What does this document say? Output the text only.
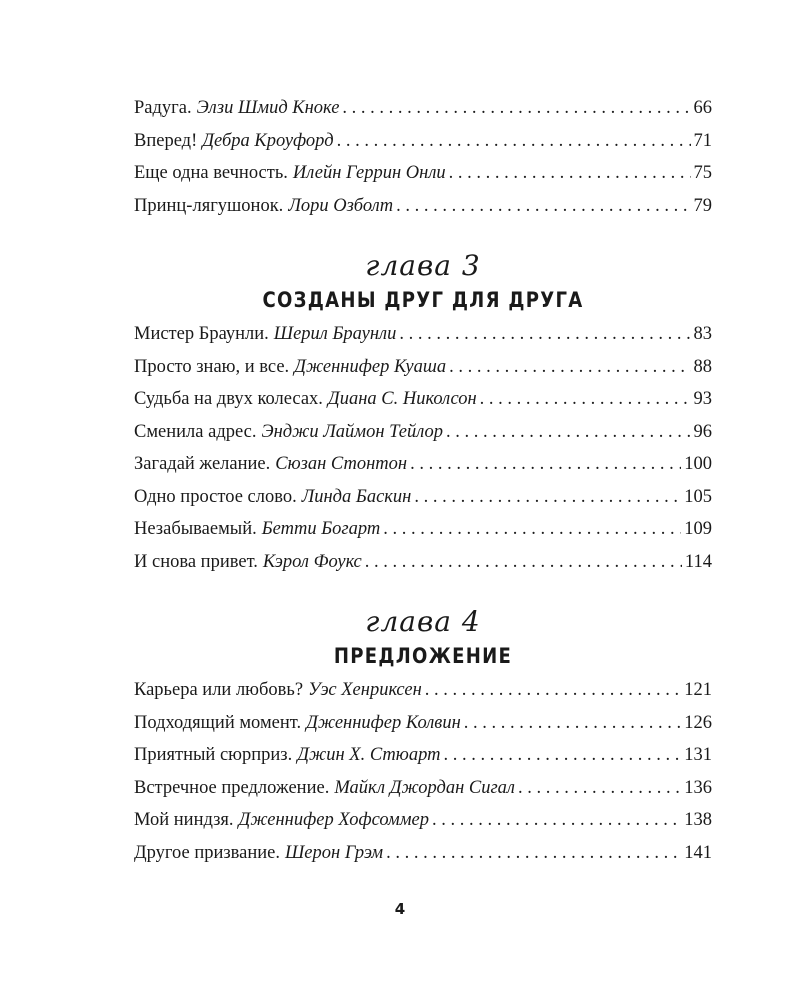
Радуга. Элзи Шмид Кноке . . .	66
Вперед! Дебра Кроуфорд . . .	71
Еще одна вечность. Илейн Геррин Онли . . .	75
Принц-лягушонок. Лори Озболт . . .	79
глава 3
СОЗДАНЫ ДРУГ ДЛЯ ДРУГА
Мистер Браунли. Шерил Браунли . . .	83
Просто знаю, и все. Дженнифер Куаша . . .	88
Судьба на двух колесах. Диана С. Николсон . . .	93
Сменила адрес. Энджи Лаймон Тейлор . . .	96
Загадай желание. Сюзан Стонтон . . .	100
Одно простое слово. Линда Баскин . . .	105
Незабываемый. Бетти Богарт . . .	109
И снова привет. Кэрол Фоукс . . .	114
глава 4
ПРЕДЛОЖЕНИЕ
Карьера или любовь? Уэс Хенриксен . . .	121
Подходящий момент. Дженнифер Колвин . . .	126
Приятный сюрприз. Джин Х. Стюарт . . .	131
Встречное предложение. Майкл Джордан Сигал . . .	136
Мой ниндзя. Дженнифер Хофсоммер . . .	138
Другое призвание. Шерон Грэм . . .	141
4
